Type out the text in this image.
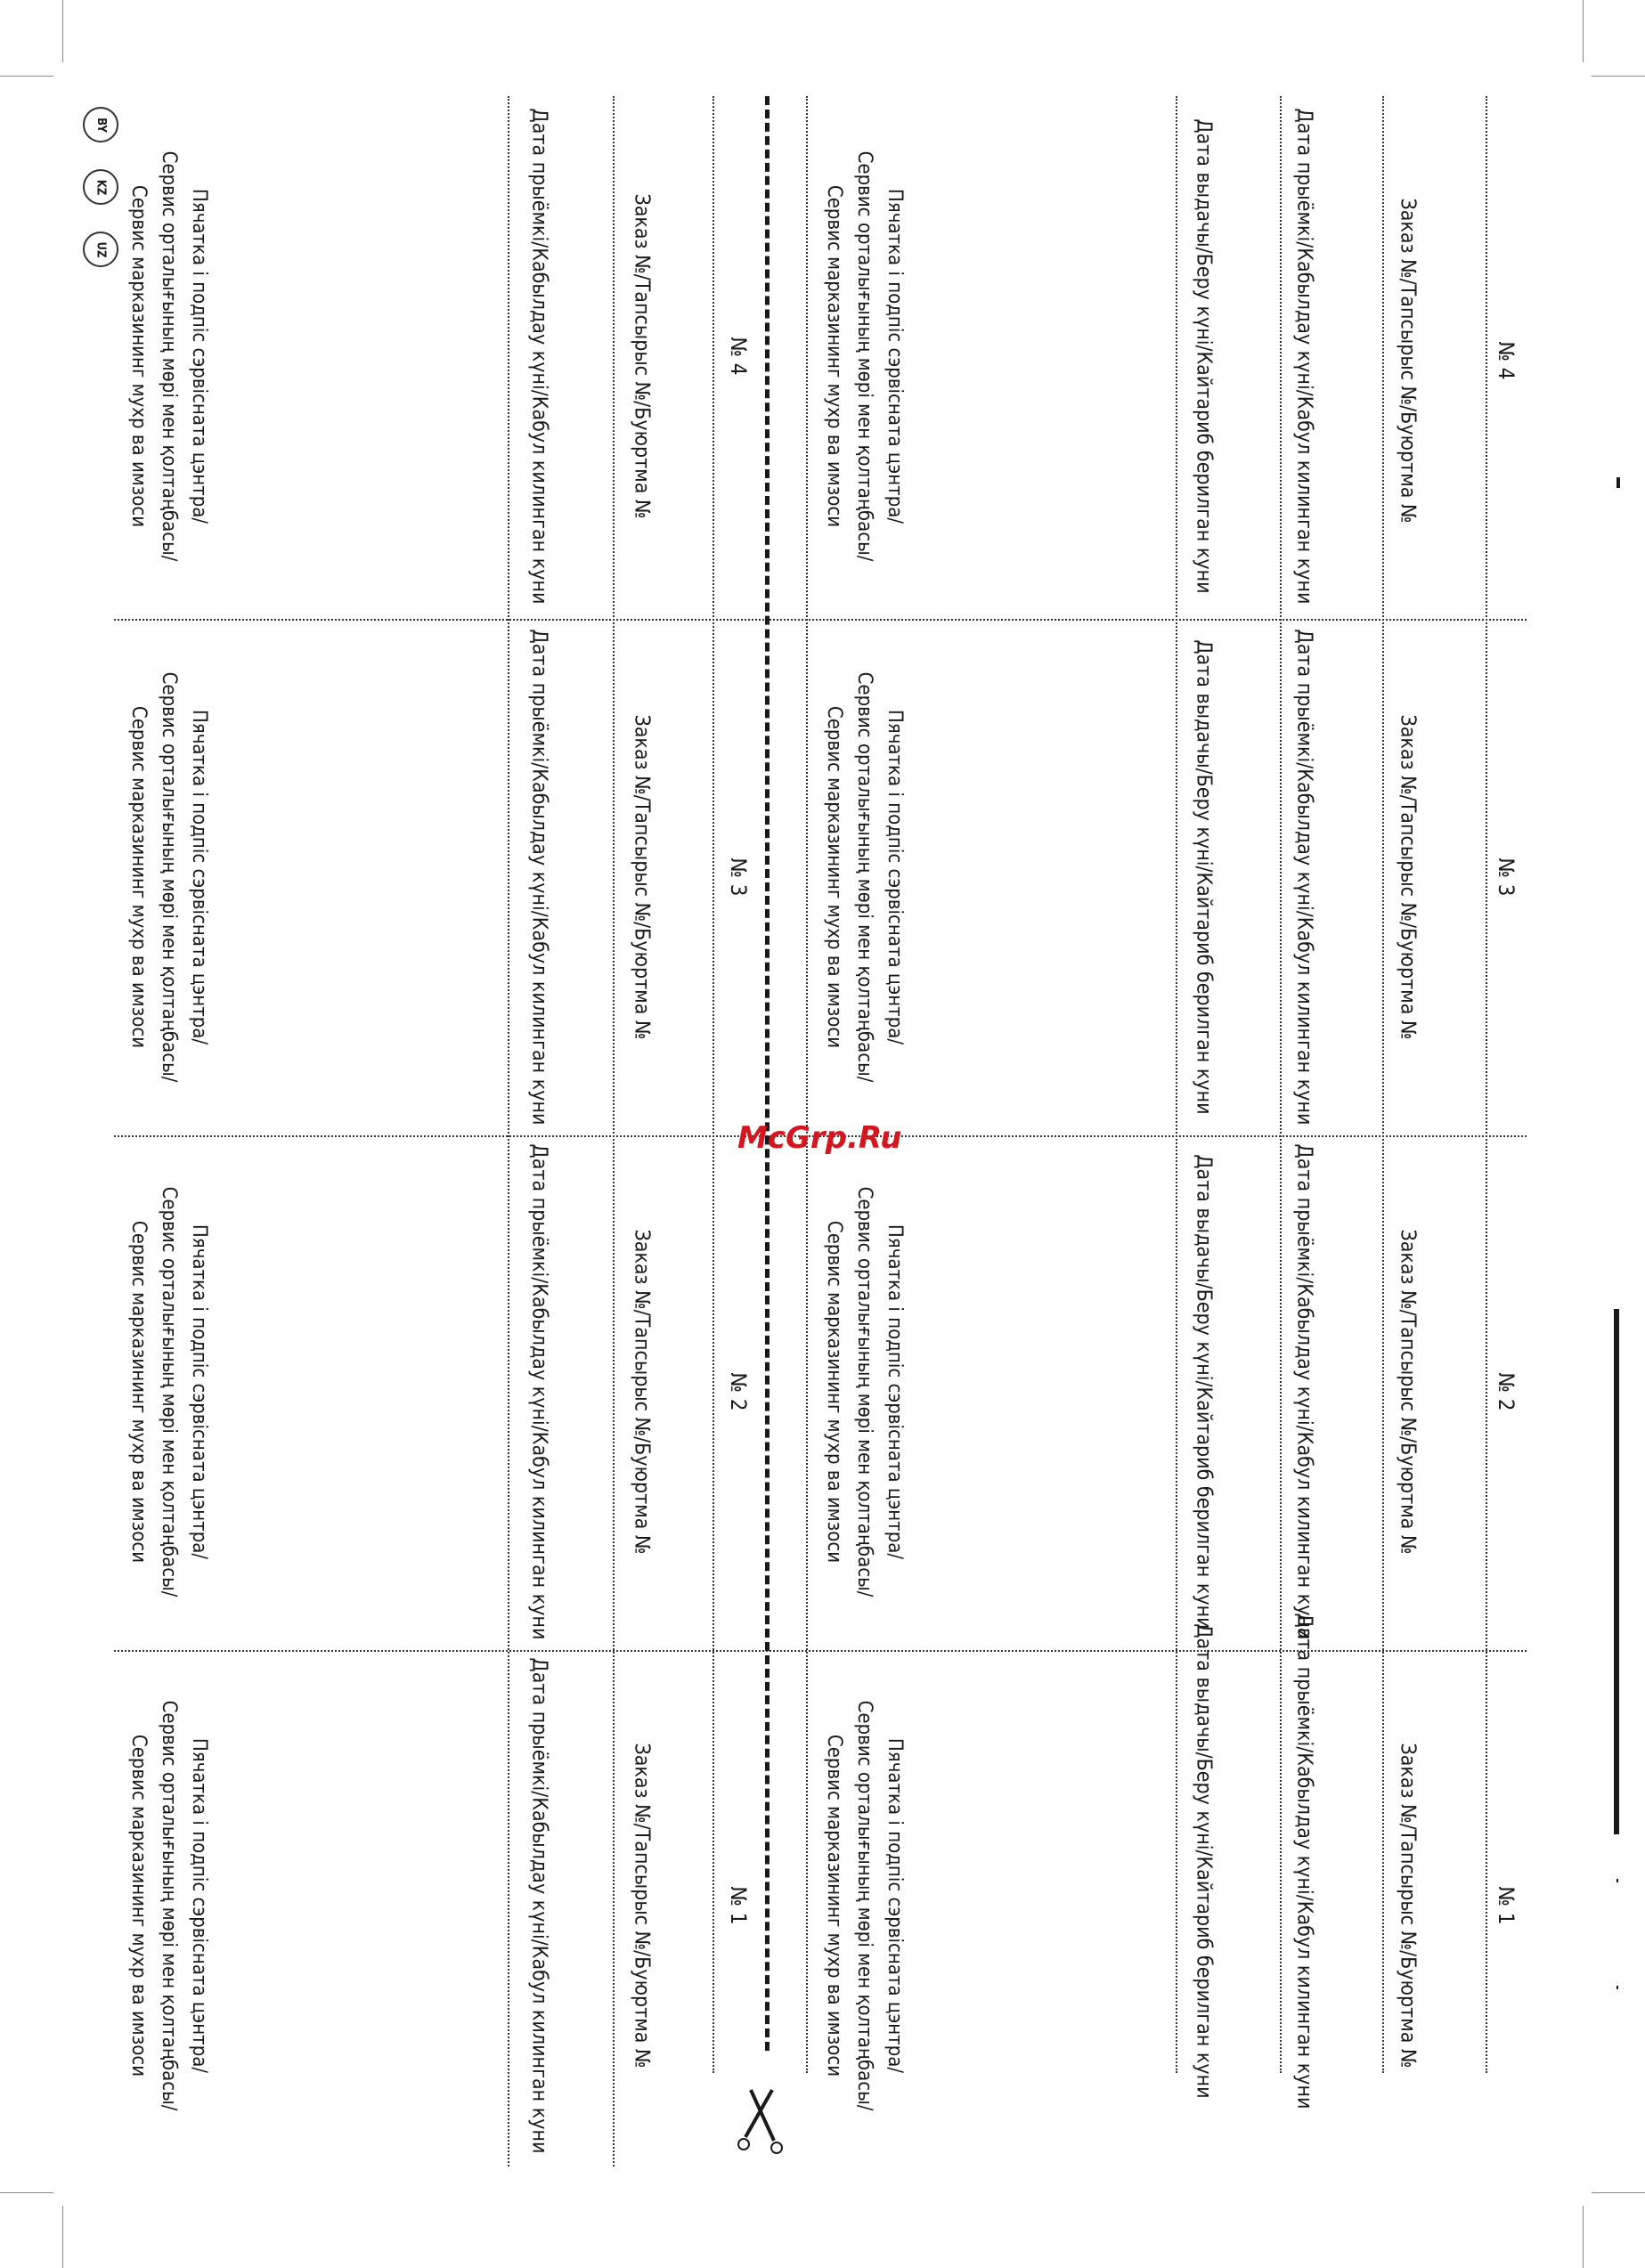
№ 4
Заказ №/Тапсырыс №/Буюртма №
Дата прыёмкі/Кабылдау күні/Кабул килинган куни
Дата выдачы/Беру күні/Кайтариб берилган куни
Пячатка і подпіс сэрвісната цэнтра/
Сервис орталығының мөрі мен қолтаңбасы/
Сервис марказининг мухр ва имзоси
№ 4
Заказ №/Тапсырыс №/Буюртма №
Дата прыёмкі/Кабылдау күні/Кабул килинган куни
Пячатка і подпіс сэрвісната цэнтра/
Сервис орталығының мөрі мен қолтаңбасы/
Сервис марказининг мухр ва имзоси
№ 3
Заказ №/Тапсырыс №/Буюртма №
Дата прыёмкі/Кабылдау күні/Кабул килинган куни
Дата выдачы/Беру күні/Кайтариб берилган куни
Пячатка і подпіс сэрвісната цэнтра/
Сервис орталығының мөрі мен қолтаңбасы/
Сервис марказининг мухр ва имзоси
№ 3
Заказ №/Тапсырыс №/Буюртма №
Дата прыёмкі/Кабылдау күні/Кабул килинган куни
Пячатка і подпіс сэрвісната цэнтра/
Сервис орталығының мөрі мен қолтаңбасы/
Сервис марказининг мухр ва имзоси
№ 2
Заказ №/Тапсырыс №/Буюртма №
Дата прыёмкі/Кабылдау күні/Кабул килинган куни
Дата выдачы/Беру күні/Кайтариб берилган куни
Пячатка і подпіс сэрвісната цэнтра/
Сервис орталығының мөрі мен қолтаңбасы/
Сервис марказининг мухр ва имзоси
№ 2
Заказ №/Тапсырыс №/Буюртма №
Дата прыёмкі/Кабылдау күні/Кабул килинган куни
Пячатка і подпіс сэрвісната цэнтра/
Сервис орталығының мөрі мен қолтаңбасы/
Сервис марказининг мухр ва имзоси
№ 1
Заказ №/Тапсырыс №/Буюртма №
Дата прыёмкі/Кабылдау күні/Кабул килинган куни
Дата выдачы/Беру күні/Кайтариб берилган куни
Пячатка і подпіс сэрвісната цэнтра/
Сервис орталығының мөрі мен қолтаңбасы/
Сервис марказининг мухр ва имзоси
№ 1
Заказ №/Тапсырыс №/Буюртма №
Дата прыёмкі/Кабылдау күні/Кабул килинган куни
Пячатка і подпіс сэрвісната цэнтра/
Сервис орталығының мөрі мен қолтаңбасы/
Сервис марказининг мухр ва имзоси
BY
KZ
UZ
McGrp.Ru
